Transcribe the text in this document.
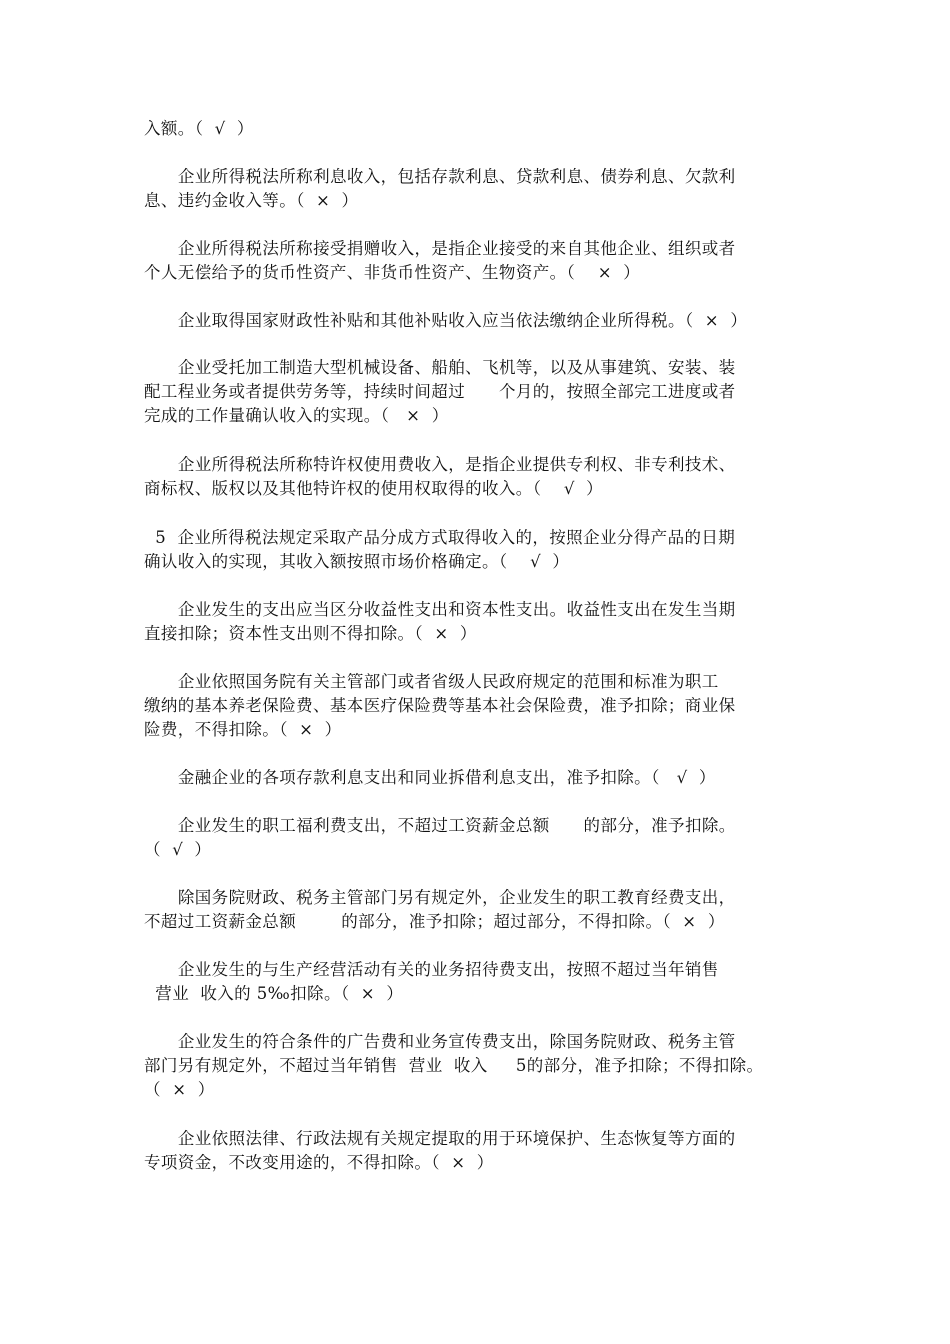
入额。（  √  ）

企业所得税法所称利息收入，包括存款利息、贷款利息、债券利息、欠款利
息、违约金收入等。（  ×  ）

企业所得税法所称接受捐赠收入，是指企业接受的来自其他企业、组织或者
个人无偿给予的货币性资产、非货币性资产、生物资产。（    ×  ）

企业取得国家财政性补贴和其他补贴收入应当依法缴纳企业所得税。（  ×  ）

企业受托加工制造大型机械设备、船舶、飞机等，以及从事建筑、安装、装
配工程业务或者提供劳务等，持续时间超过      个月的，按照全部完工进度或者
完成的工作量确认收入的实现。（   ×  ）

企业所得税法所称特许权使用费收入，是指企业提供专利权、非专利技术、
商标权、版权以及其他特许权的使用权取得的收入。（    √  ）

5  企业所得税法规定采取产品分成方式取得收入的，按照企业分得产品的日期
确认收入的实现，其收入额按照市场价格确定。（    √  ）

企业发生的支出应当区分收益性支出和资本性支出。收益性支出在发生当期
直接扣除；资本性支出则不得扣除。（  ×  ）

企业依照国务院有关主管部门或者省级人民政府规定的范围和标准为职工
缴纳的基本养老保险费、基本医疗保险费等基本社会保险费，准予扣除；商业保
险费，不得扣除。（  ×  ）

金融企业的各项存款利息支出和同业拆借利息支出，准予扣除。（   √  ）

企业发生的职工福利费支出，不超过工资薪金总额      的部分，准予扣除。
（  √  ）

除国务院财政、税务主管部门另有规定外，企业发生的职工教育经费支出，
不超过工资薪金总额        的部分，准予扣除；超过部分，不得扣除。（  ×  ）

企业发生的与生产经营活动有关的业务招待费支出，按照不超过当年销售
营业  收入的 5‰扣除。（  ×  ）

企业发生的符合条件的广告费和业务宣传费支出，除国务院财政、税务主管
部门另有规定外，不超过当年销售  营业  收入     5的部分，准予扣除；不得扣除。
（  ×  ）

企业依照法律、行政法规有关规定提取的用于环境保护、生态恢复等方面的
专项资金，不改变用途的，不得扣除。（  ×  ）
